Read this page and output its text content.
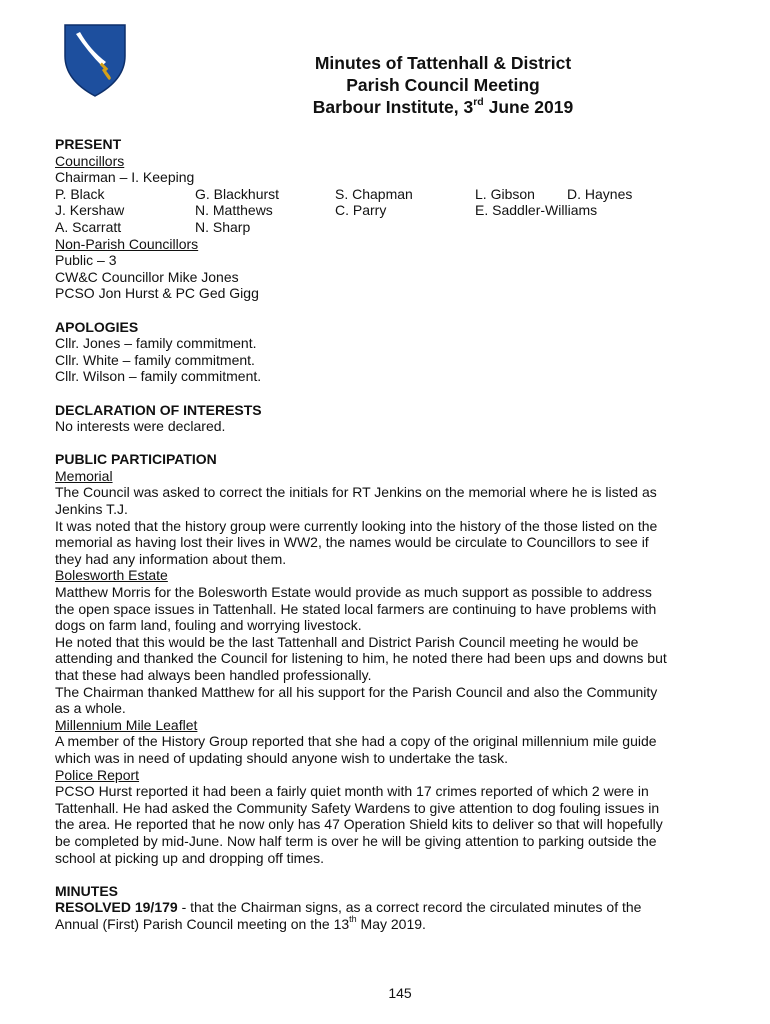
Minutes of Tattenhall & District
Parish Council Meeting
Barbour Institute, 3rd June 2019

PRESENT

Councillors

Chairman – I. Keeping

P. Black	G. Blackhurst	S. Chapman	L. Gibson D. Haynes
J. Kershaw	N. Matthews	C. Parry	E. Saddler-Williams
A. Scarratt	N. Sharp

Non-Parish Councillors

Public – 3

CW&C Councillor Mike Jones

PCSO Jon Hurst & PC Ged Gigg

APOLOGIES

Cllr. Jones – family commitment.

Cllr. White – family commitment.

Cllr. Wilson – family commitment.

DECLARATION OF INTERESTS

No interests were declared.

PUBLIC PARTICIPATION

Memorial

The Council was asked to correct the initials for RT Jenkins on the memorial where he is listed as

Jenkins T.J.

It was noted that the history group were currently looking into the history of the those listed on the

memorial as having lost their lives in WW2, the names would be circulate to Councillors to see if

they had any information about them.

Bolesworth Estate

Matthew Morris for the Bolesworth Estate would provide as much support as possible to address

the open space issues in Tattenhall. He stated local farmers are continuing to have problems with

dogs on farm land, fouling and worrying livestock.

He noted that this would be the last Tattenhall and District Parish Council meeting he would be

attending and thanked the Council for listening to him, he noted there had been ups and downs but

that these had always been handled professionally.

The Chairman thanked Matthew for all his support for the Parish Council and also the Community

as a whole.

Millennium Mile Leaflet

A member of the History Group reported that she had a copy of the original millennium mile guide

which was in need of updating should anyone wish to undertake the task.

Police Report

PCSO Hurst reported it had been a fairly quiet month with 17 crimes reported of which 2 were in

Tattenhall. He had asked the Community Safety Wardens to give attention to dog fouling issues in

the area. He reported that he now only has 47 Operation Shield kits to deliver so that will hopefully

be completed by mid-June. Now half term is over he will be giving attention to parking outside the

school at picking up and dropping off times.

MINUTES

RESOLVED 19/179 - that the Chairman signs, as a correct record the circulated minutes of the

Annual (First) Parish Council meeting on the 13th May 2019.

145
